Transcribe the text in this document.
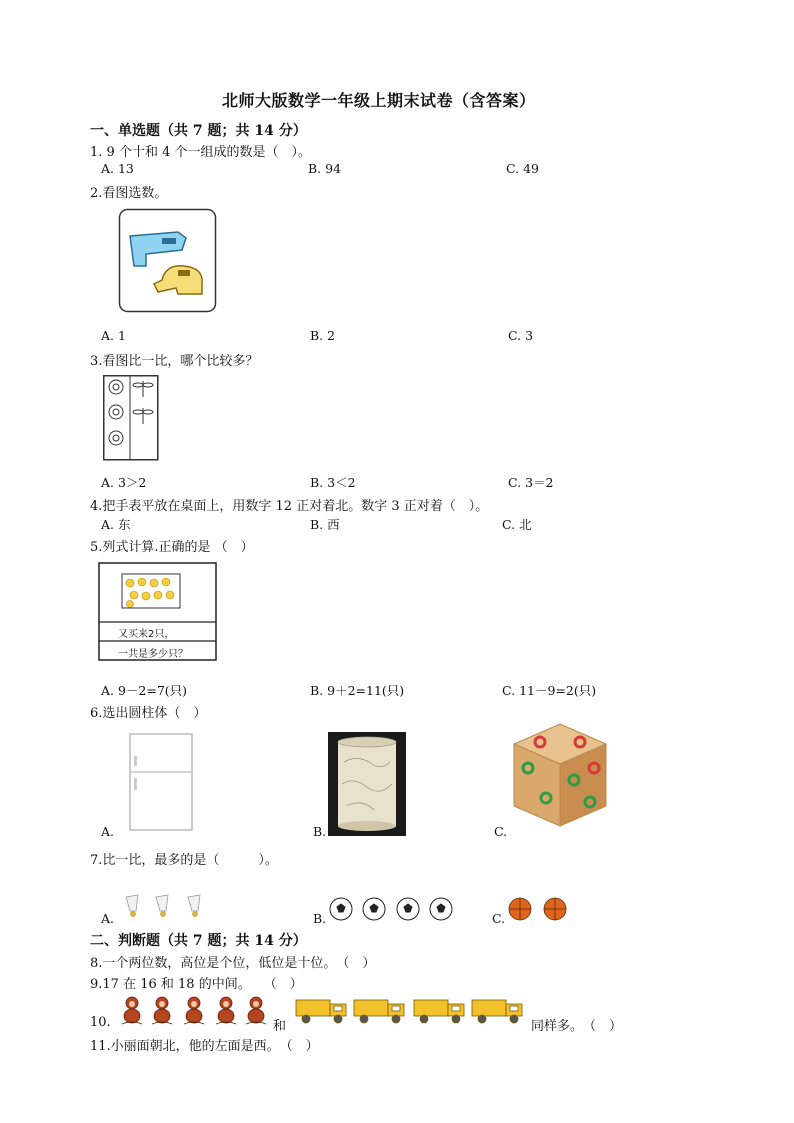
北师大版数学一年级上期末试卷（含答案）
一、单选题（共 7 题；共 14 分）
1. 9 个十和 4 个一组成的数是（　）。
A. 13	B. 94	C. 49
2.看图选数。
A. 1	B. 2	C. 3
3.看图比一比，哪个比较多？
A. 3＞2	B. 3＜2	C. 3＝2
4.把手表平放在桌面上，用数字 12 正对着北。数字 3 正对着（　）。
A. 东	B. 西	C. 北
5.列式计算.正确的是 （　）
又买来2只，
一共是多少只？
A. 9－2=7(只)	B. 9＋2=11(只)	C. 11－9=2(只)
6.选出圆柱体（　）
A.	B.	C.
7.比一比，最多的是（　　　）。
A.	B.	C.
二、判断题（共 7 题；共 14 分）
8.一个两位数，高位是个位，低位是十位。　（　）
9.17 在 16 和 18 的中间。　　（　）
10.	和	同样多。　（　）
11.小丽面朝北，他的左面是西。　（　）
